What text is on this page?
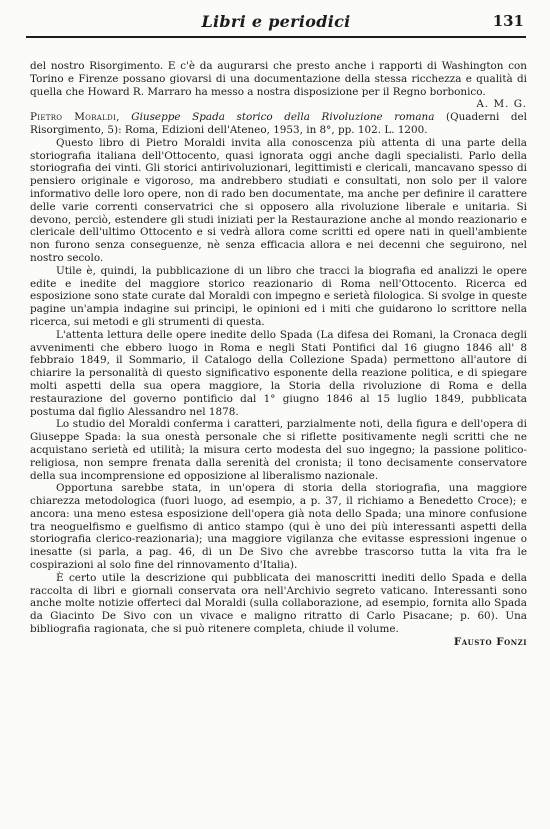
Libri e periodici	131

del nostro Risorgimento. E c'è da augurarsi che presto anche i rapporti di Washington con Torino e Firenze possano giovarsi di una documentazione della stessa ricchezza e qualità di quella che Howard R. Marraro ha messo a nostra disposizione per il Regno borbonico.

A. M. G.

Pietro Moraldi, Giuseppe Spada storico della Rivoluzione romana (Quaderni del Risorgimento, 5): Roma, Edizioni dell'Ateneo, 1953, in 8°, pp. 102. L. 1200.

Questo libro di Pietro Moraldi invita alla conoscenza più attenta di una parte della storiografia italiana dell'Ottocento, quasi ignorata oggi anche dagli specialisti. Parlo della storiografia dei vinti. Gli storici antirivoluzionari, legittimisti e clericali, mancavano spesso di pensiero originale e vigoroso, ma andrebbero studiati e consultati, non solo per il valore informativo delle loro opere, non di rado ben documentate, ma anche per definire il carattere delle varie correnti conservatrici che si opposero alla rivoluzione liberale e unitaria. Si devono, perciò, estendere gli studi iniziati per la Restaurazione anche al mondo reazionario e clericale dell'ultimo Ottocento e si vedrà allora come scritti ed opere nati in quell'ambiente non furono senza conseguenze, nè senza efficacia allora e nei decenni che seguirono, nel nostro secolo.

Utile è, quindi, la pubblicazione di un libro che tracci la biografia ed analizzi le opere edite e inedite del maggiore storico reazionario di Roma nell'Ottocento. Ricerca ed esposizione sono state curate dal Moraldi con impegno e serietà filologica. Si svolge in queste pagine un'ampia indagine sui principi, le opinioni ed i miti che guidarono lo scrittore nella ricerca, sui metodi e gli strumenti di questa.

L'attenta lettura delle opere inedite dello Spada (La difesa dei Romani, la Cronaca degli avvenimenti che ebbero luogo in Roma e negli Stati Pontifici dal 16 giugno 1846 all' 8 febbraio 1849, il Sommario, il Catalogo della Collezione Spada) permettono all'autore di chiarire la personalità di questo significativo esponente della reazione politica, e di spiegare molti aspetti della sua opera maggiore, la Storia della rivoluzione di Roma e della restaurazione del governo pontificio dal 1° giugno 1846 al 15 luglio 1849, pubblicata postuma dal figlio Alessandro nel 1878.

Lo studio del Moraldi conferma i caratteri, parzialmente noti, della figura e dell'opera di Giuseppe Spada: la sua onestà personale che si riflette positivamente negli scritti che ne acquistano serietà ed utilità; la misura certo modesta del suo ingegno; la passione politico-religiosa, non sempre frenata dalla serenità del cronista; il tono decisamente conservatore della sua incomprensione ed opposizione al liberalismo nazionale.

Opportuna sarebbe stata, in un'opera di storia della storiografia, una maggiore chiarezza metodologica (fuori luogo, ad esempio, a p. 37, il richiamo a Benedetto Croce); e ancora: una meno estesa esposizione dell'opera già nota dello Spada; una minore confusione tra neoguelfismo e guelfismo di antico stampo (qui è uno dei più interessanti aspetti della storiografia clerico-reazionaria); una maggiore vigilanza che evitasse espressioni ingenue o inesatte (si parla, a pag. 46, di un De Sivo che avrebbe trascorso tutta la vita fra le cospirazioni al solo fine del rinnovamento d'Italia).

È certo utile la descrizione qui pubblicata dei manoscritti inediti dello Spada e della raccolta di libri e giornali conservata ora nell'Archivio segreto vaticano. Interessanti sono anche molte notizie offerteci dal Moraldi (sulla collaborazione, ad esempio, fornita allo Spada da Giacinto De Sivo con un vivace e maligno ritratto di Carlo Pisacane; p. 60). Una bibliografia ragionata, che si può ritenere completa, chiude il volume.

Fausto Fonzi
